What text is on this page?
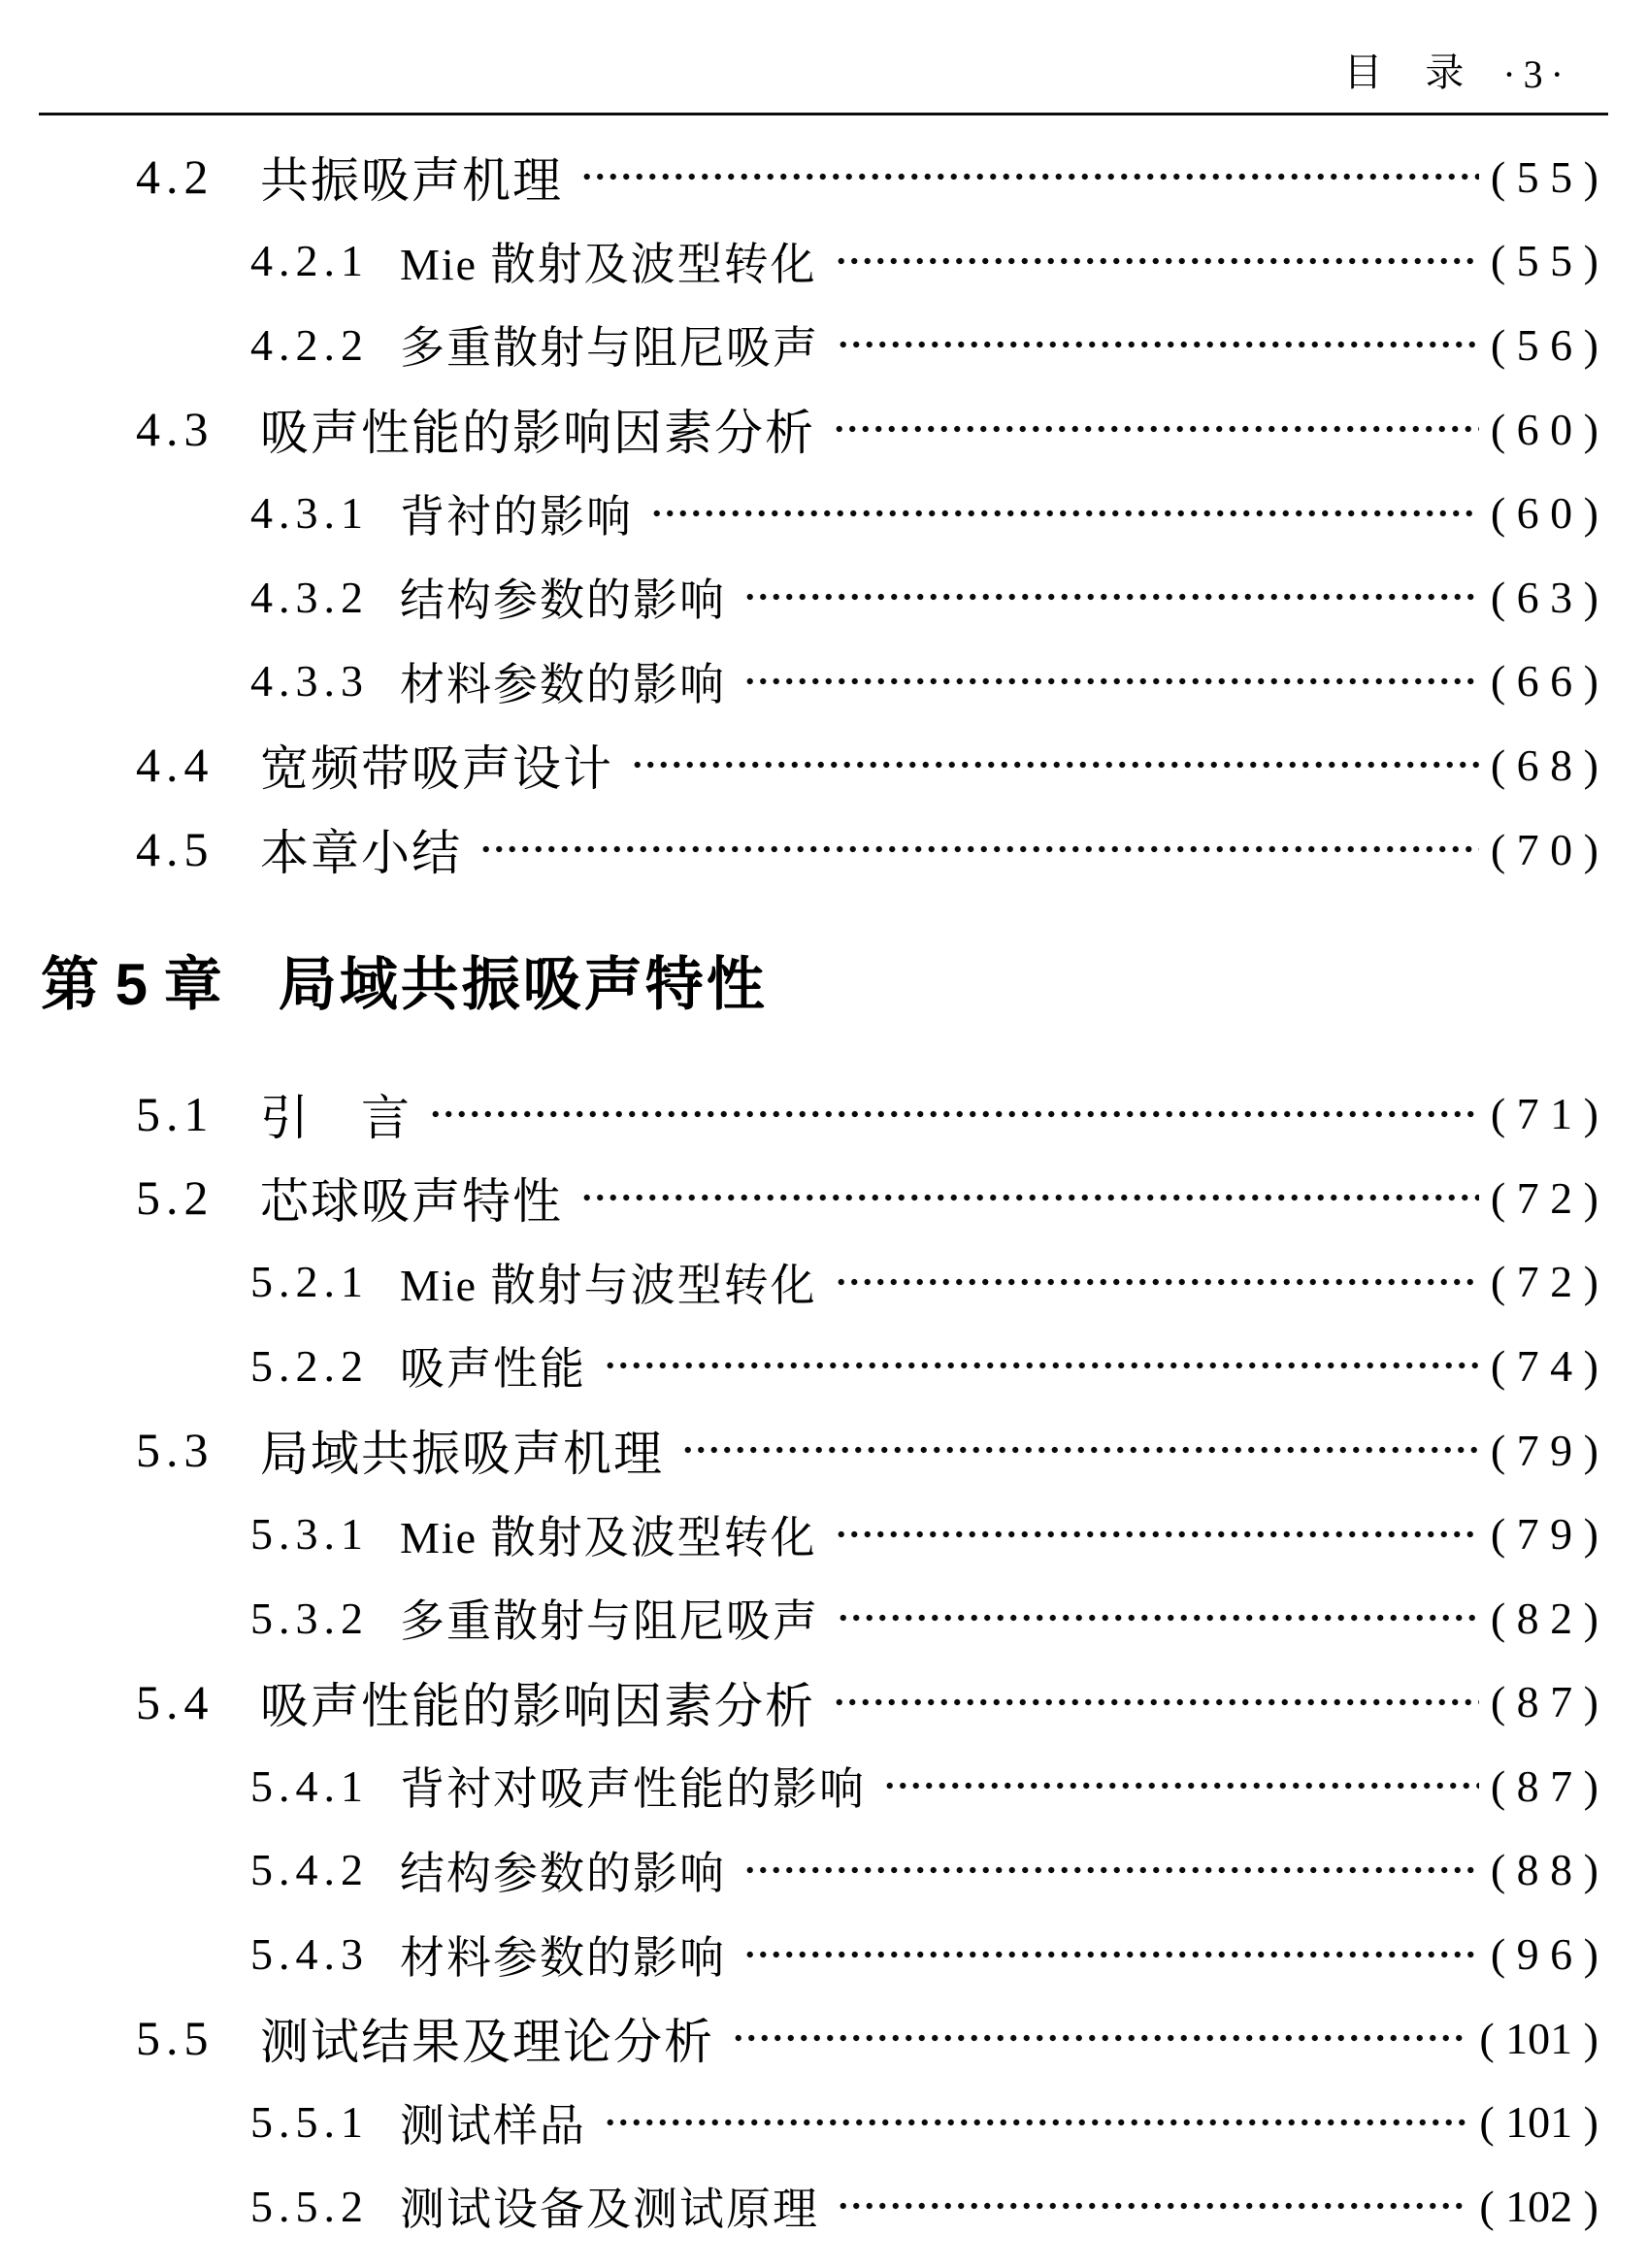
目　录 ·3·
4.2 共振吸声机理	( 5 5 )
4.2.1 Mie 散射及波型转化	( 5 5 )
4.2.2 多重散射与阻尼吸声	( 5 6 )
4.3 吸声性能的影响因素分析	( 6 0 )
4.3.1 背衬的影响	( 6 0 )
4.3.2 结构参数的影响	( 6 3 )
4.3.3 材料参数的影响	( 6 6 )
4.4 宽频带吸声设计	( 6 8 )
4.5 本章小结	( 7 0 )
第 5 章 局域共振吸声特性
5.1 引　言	( 7 1 )
5.2 芯球吸声特性	( 7 2 )
5.2.1 Mie 散射与波型转化	( 7 2 )
5.2.2 吸声性能	( 7 4 )
5.3 局域共振吸声机理	( 7 9 )
5.3.1 Mie 散射及波型转化	( 7 9 )
5.3.2 多重散射与阻尼吸声	( 8 2 )
5.4 吸声性能的影响因素分析	( 8 7 )
5.4.1 背衬对吸声性能的影响	( 8 7 )
5.4.2 结构参数的影响	( 8 8 )
5.4.3 材料参数的影响	( 9 6 )
5.5 测试结果及理论分析	( 101 )
5.5.1 测试样品	( 101 )
5.5.2 测试设备及测试原理	( 102 )
